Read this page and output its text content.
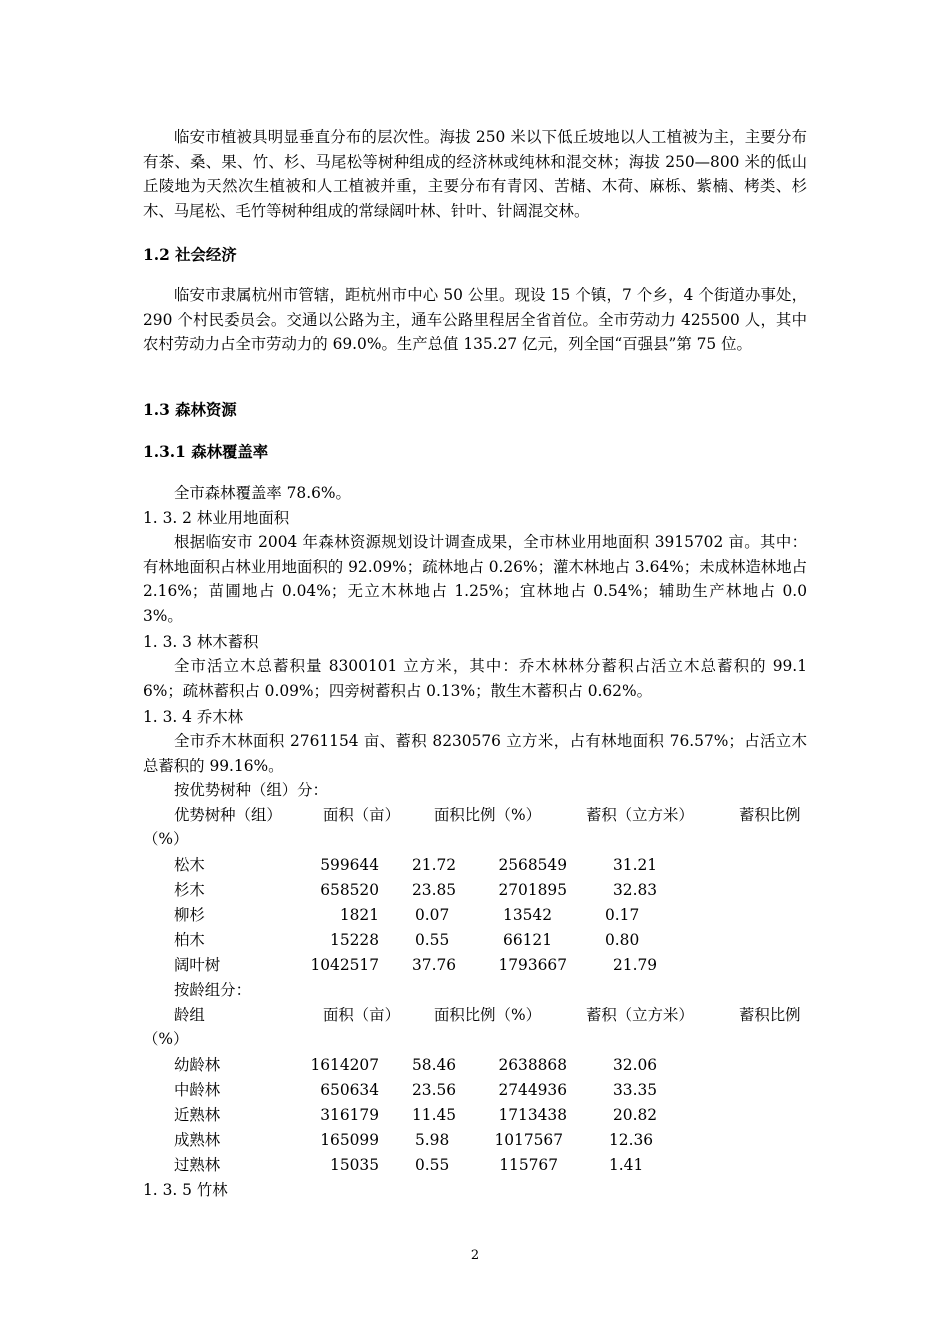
临安市植被具明显垂直分布的层次性。海拔 250 米以下低丘坡地以人工植被为主，主要分布有茶、桑、果、竹、杉、马尾松等树种组成的经济林或纯林和混交林；海拔 250—800 米的低山丘陵地为天然次生植被和人工植被并重，主要分布有青冈、苦槠、木荷、麻栎、紫楠、栲类、杉木、马尾松、毛竹等树种组成的常绿阔叶林、针叶、针阔混交林。

1.2 社会经济

临安市隶属杭州市管辖，距杭州市中心 50 公里。现设 15 个镇，7 个乡，4 个街道办事处，290 个村民委员会。交通以公路为主，通车公路里程居全省首位。全市劳动力 425500 人，其中农村劳动力占全市劳动力的 69.0%。生产总值 135.27 亿元，列全国“百强县”第 75 位。

1.3 森林资源
1.3.1 森林覆盖率

全市森林覆盖率 78.6%。

1. 3. 2 林业用地面积

根据临安市 2004 年森林资源规划设计调查成果，全市林业用地面积 3915702 亩。其中：有林地面积占林业用地面积的 92.09%；疏林地占 0.26%；灌木林地占 3.64%；未成林造林地占 2.16%；苗圃地占 0.04%；无立木林地占 1.25%；宜林地占 0.54%；辅助生产林地占 0.03%。

1. 3. 3 林木蓄积

全市活立木总蓄积量 8300101 立方米，其中：乔木林林分蓄积占活立木总蓄积的 99.16%；疏林蓄积占 0.09%；四旁树蓄积占 0.13%；散生木蓄积占 0.62%。

1. 3. 4 乔木林

全市乔木林面积 2761154 亩、蓄积 8230576 立方米，占有林地面积 76.57%；占活立木总蓄积的 99.16%。

按优势树种（组）分：
优势树种（组）	面积（亩） 面积比例（%）	蓄积（立方米）	蓄积比例
（%）
松木	599644 21.72	2568549	31.21
杉木	658520 23.85	2701895	32.83
柳杉	1821 0.07	13542	0.17
柏木	15228 0.55	66121	0.80
阔叶树	1042517 37.76	1793667	21.79
按龄组分：
龄组	面积（亩） 面积比例（%）	蓄积（立方米）	蓄积比例
（%）
幼龄林	1614207 58.46	2638868	32.06
中龄林	650634 23.56	2744936	33.35
近熟林	316179 11.45	1713438	20.82
成熟林	165099 5.98	1017567	12.36
过熟林	15035 0.55	115767	1.41
1. 3. 5 竹林
2
